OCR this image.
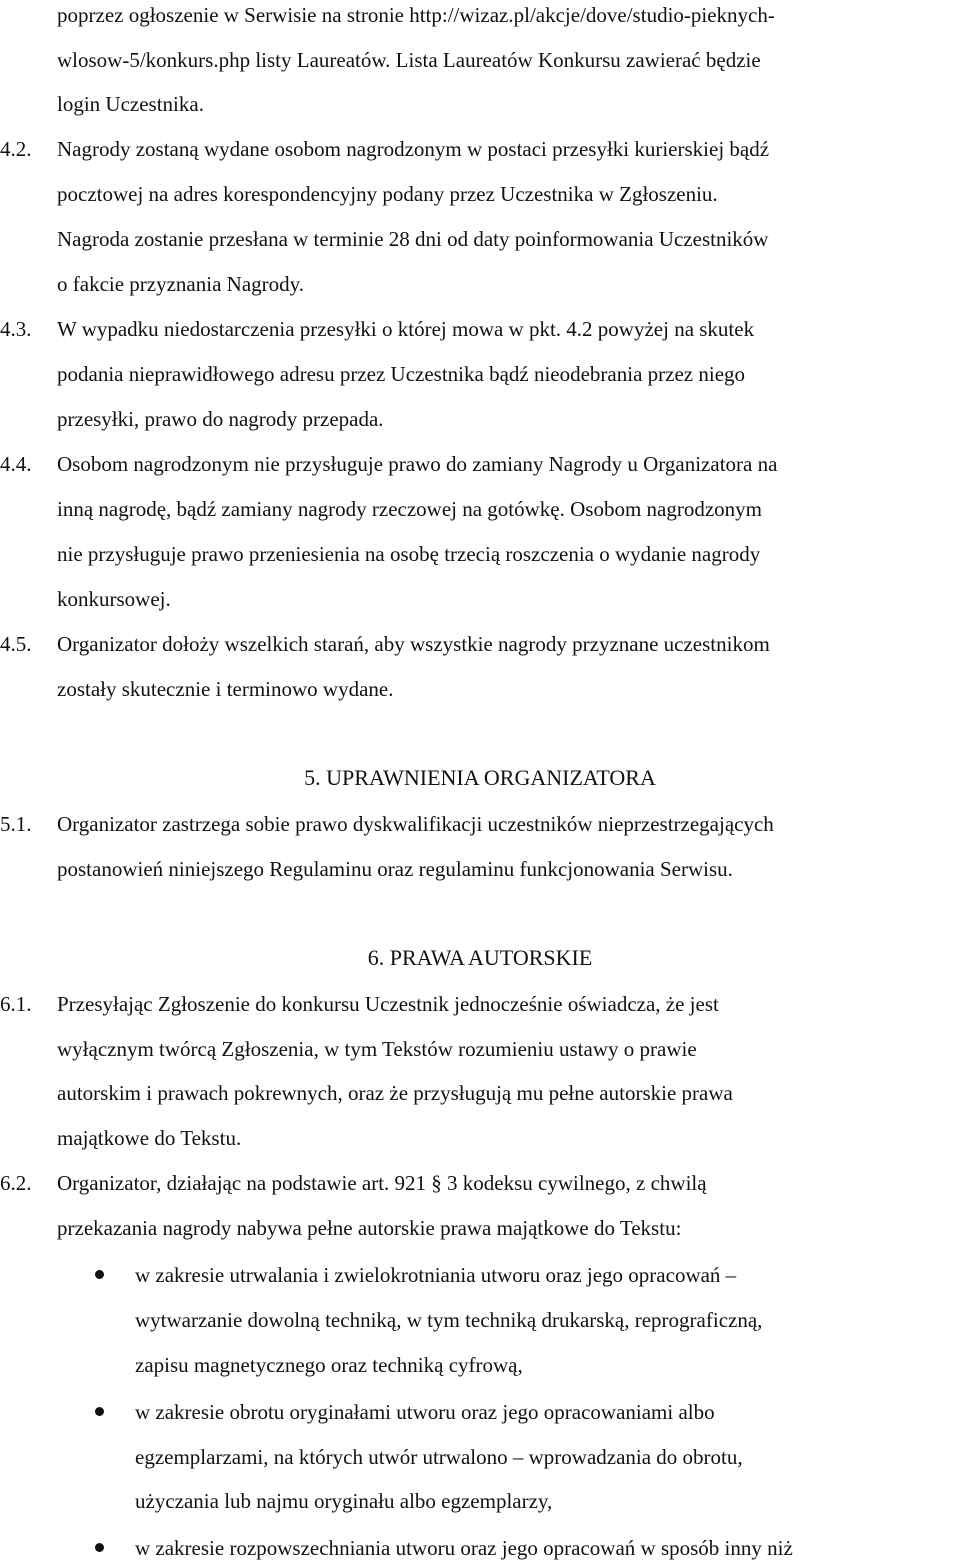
poprzez ogłoszenie w Serwisie na stronie http://wizaz.pl/akcje/dove/studio-pieknych-
wlosow-5/konkurs.php listy Laureatów. Lista Laureatów Konkursu zawierać będzie
login Uczestnika.
4.2. Nagrody zostaną wydane osobom nagrodzonym w postaci przesyłki kurierskiej bądź
pocztowej na adres korespondencyjny podany przez Uczestnika w Zgłoszeniu.
Nagroda zostanie przesłana w terminie 28 dni od daty poinformowania Uczestników
o fakcie przyznania Nagrody.
4.3. W wypadku niedostarczenia przesyłki o której mowa w pkt. 4.2 powyżej na skutek
podania nieprawidłowego adresu przez Uczestnika bądź nieodebrania przez niego
przesyłki, prawo do nagrody przepada.
4.4. Osobom nagrodzonym nie przysługuje prawo do zamiany Nagrody u Organizatora na
inną nagrodę, bądź zamiany nagrody rzeczowej na gotówkę. Osobom nagrodzonym
nie przysługuje prawo przeniesienia na osobę trzecią roszczenia o wydanie nagrody
konkursowej.
4.5. Organizator dołoży wszelkich starań, aby wszystkie nagrody przyznane uczestnikom
zostały skutecznie i terminowo wydane.
5. UPRAWNIENIA ORGANIZATORA
5.1. Organizator zastrzega sobie prawo dyskwalifikacji uczestników nieprzestrzegających
postanowień niniejszego Regulaminu oraz regulaminu funkcjonowania Serwisu.
6. PRAWA AUTORSKIE
6.1. Przesyłając Zgłoszenie do konkursu Uczestnik jednocześnie oświadcza, że jest
wyłącznym twórcą Zgłoszenia, w tym Tekstów rozumieniu ustawy o prawie
autorskim i prawach pokrewnych, oraz że przysługują mu pełne autorskie prawa
majątkowe do Tekstu.
6.2. Organizator, działając na podstawie art. 921 § 3 kodeksu cywilnego, z chwilą
przekazania nagrody nabywa pełne autorskie prawa majątkowe do Tekstu:
w zakresie utrwalania i zwielokrotniania utworu oraz jego opracowań –
wytwarzanie dowolną techniką, w tym techniką drukarską, reprograficzną,
zapisu magnetycznego oraz techniką cyfrową,
w zakresie obrotu oryginałami utworu oraz jego opracowaniami albo
egzemplarzami, na których utwór utrwalono – wprowadzania do obrotu,
użyczania lub najmu oryginału albo egzemplarzy,
w zakresie rozpowszechniania utworu oraz jego opracowań w sposób inny niż
